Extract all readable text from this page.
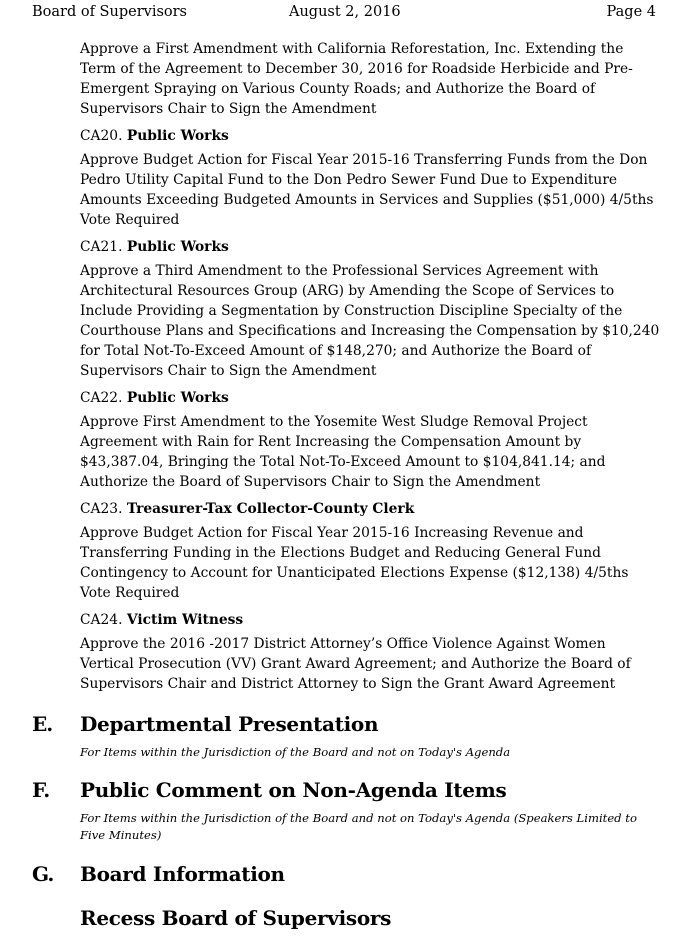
Board of Supervisors	August 2, 2016	Page 4

Approve a First Amendment with California Reforestation, Inc. Extending the Term of the Agreement to December 30, 2016 for Roadside Herbicide and Pre-Emergent Spraying on Various County Roads; and Authorize the Board of Supervisors Chair to Sign the Amendment

CA20. Public Works

Approve Budget Action for Fiscal Year 2015-16 Transferring Funds from the Don Pedro Utility Capital Fund to the Don Pedro Sewer Fund Due to Expenditure Amounts Exceeding Budgeted Amounts in Services and Supplies ($51,000) 4/5ths Vote Required

CA21. Public Works

Approve a Third Amendment to the Professional Services Agreement with Architectural Resources Group (ARG) by Amending the Scope of Services to Include Providing a Segmentation by Construction Discipline Specialty of the Courthouse Plans and Specifications and Increasing the Compensation by $10,240 for Total Not-To-Exceed Amount of $148,270; and Authorize the Board of Supervisors Chair to Sign the Amendment

CA22. Public Works

Approve First Amendment to the Yosemite West Sludge Removal Project Agreement with Rain for Rent Increasing the Compensation Amount by $43,387.04, Bringing the Total Not-To-Exceed Amount to $104,841.14; and Authorize the Board of Supervisors Chair to Sign the Amendment

CA23. Treasurer-Tax Collector-County Clerk

Approve Budget Action for Fiscal Year 2015-16 Increasing Revenue and Transferring Funding in the Elections Budget and Reducing General Fund Contingency to Account for Unanticipated Elections Expense ($12,138) 4/5ths Vote Required

CA24. Victim Witness

Approve the 2016 -2017 District Attorney’s Office Violence Against Women Vertical Prosecution (VV) Grant Award Agreement; and Authorize the Board of Supervisors Chair and District Attorney to Sign the Grant Award Agreement

E. Departmental Presentation
For Items within the Jurisdiction of the Board and not on Today's Agenda
F. Public Comment on Non-Agenda Items
For Items within the Jurisdiction of the Board and not on Today's Agenda (Speakers Limited to Five Minutes)
G. Board Information
Recess Board of Supervisors
